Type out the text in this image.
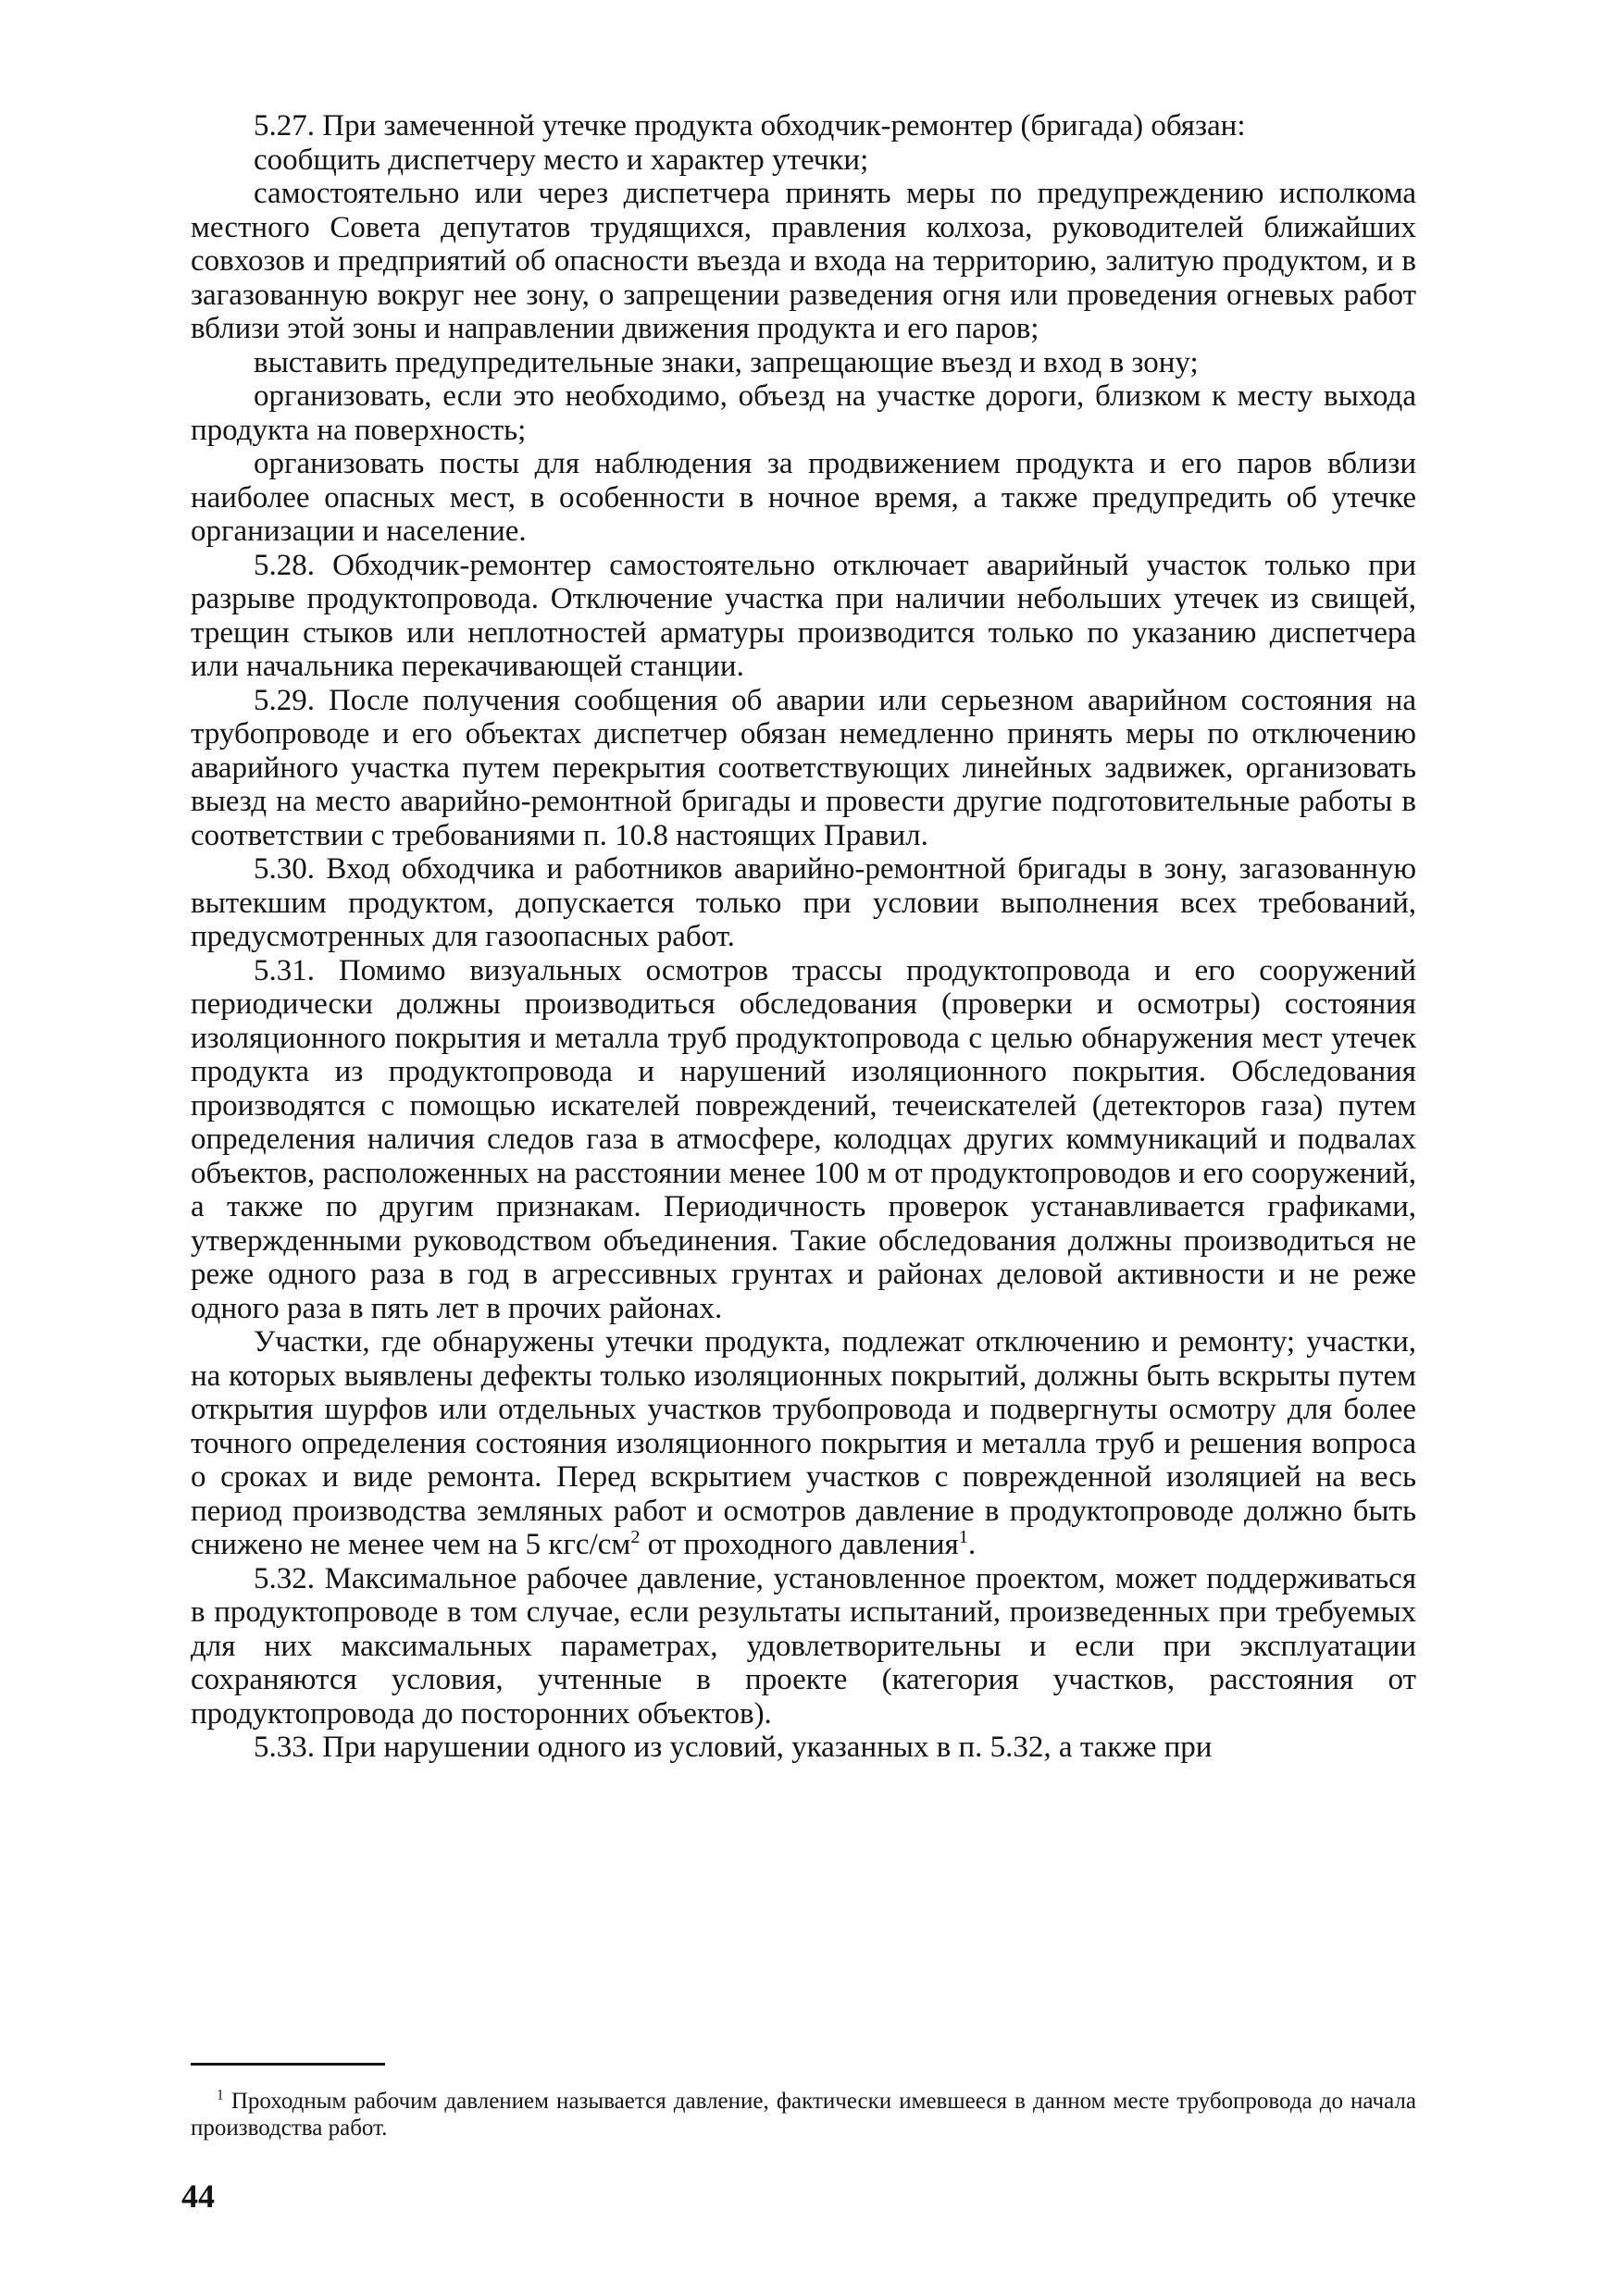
5.27. При замеченной утечке продукта обходчик-ремонтер (бригада) обязан:

сообщить диспетчеру место и характер утечки;

самостоятельно или через диспетчера принять меры по предупреждению исполкома местного Совета депутатов трудящихся, правления колхоза, руководителей ближайших совхозов и предприятий об опасности въезда и входа на территорию, залитую продуктом, и в загазованную вокруг нее зону, о запрещении разведения огня или проведения огневых работ вблизи этой зоны и направлении движения продукта и его паров;

выставить предупредительные знаки, запрещающие въезд и вход в зону;

организовать, если это необходимо, объезд на участке дороги, близком к месту выхода продукта на поверхность;

организовать посты для наблюдения за продвижением продукта и его паров вблизи наиболее опасных мест, в особенности в ночное время, а также предупредить об утечке организации и население.

5.28. Обходчик-ремонтер самостоятельно отключает аварийный участок только при разрыве продуктопровода. Отключение участка при наличии небольших утечек из свищей, трещин стыков или неплотностей арматуры производится только по указанию диспетчера или начальника перекачивающей станции.

5.29. После получения сообщения об аварии или серьезном аварийном состояния на трубопроводе и его объектах диспетчер обязан немедленно принять меры по отключению аварийного участка путем перекрытия соответствующих линейных задвижек, организовать выезд на место аварийно-ремонтной бригады и провести другие подготовительные работы в соответствии с требованиями п. 10.8 настоящих Правил.

5.30. Вход обходчика и работников аварийно-ремонтной бригады в зону, загазованную вытекшим продуктом, допускается только при условии выполнения всех требований, предусмотренных для газоопасных работ.

5.31. Помимо визуальных осмотров трассы продуктопровода и его сооружений периодически должны производиться обследования (проверки и осмотры) состояния изоляционного покрытия и металла труб продуктопровода с целью обнаружения мест утечек продукта из продуктопровода и нарушений изоляционного покрытия. Обследования производятся с помощью искателей повреждений, течеискателей (детекторов газа) путем определения наличия следов газа в атмосфере, колодцах других коммуникаций и подвалах объектов, расположенных на расстоянии менее 100 м от продуктопроводов и его сооружений, а также по другим признакам. Периодичность проверок устанавливается графиками, утвержденными руководством объединения. Такие обследования должны производиться не реже одного раза в год в агрессивных грунтах и районах деловой активности и не реже одного раза в пять лет в прочих районах.

Участки, где обнаружены утечки продукта, подлежат отключению и ремонту; участки, на которых выявлены дефекты только изоляционных покрытий, должны быть вскрыты путем открытия шурфов или отдельных участков трубопровода и подвергнуты осмотру для более точного определения состояния изоляционного покрытия и металла труб и решения вопроса о сроках и виде ремонта. Перед вскрытием участков с поврежденной изоляцией на весь период производства земляных работ и осмотров давление в продуктопроводе должно быть снижено не менее чем на 5 кгс/$см^2$ от проходного давления$^1$.

5.32. Максимальное рабочее давление, установленное проектом, может поддерживаться в продуктопроводе в том случае, если результаты испытаний, произведенных при требуемых для них максимальных параметрах, удовлетворительны и если при эксплуатации сохраняются условия, учтенные в проекте (категория участков, расстояния от продуктопровода до посторонних объектов).

5.33. При нарушении одного из условий, указанных в п. 5.32, а также при

$^1$ Проходным рабочим давлением называется давление, фактически имевшееся в данном месте трубопровода до начала производства работ.

44
